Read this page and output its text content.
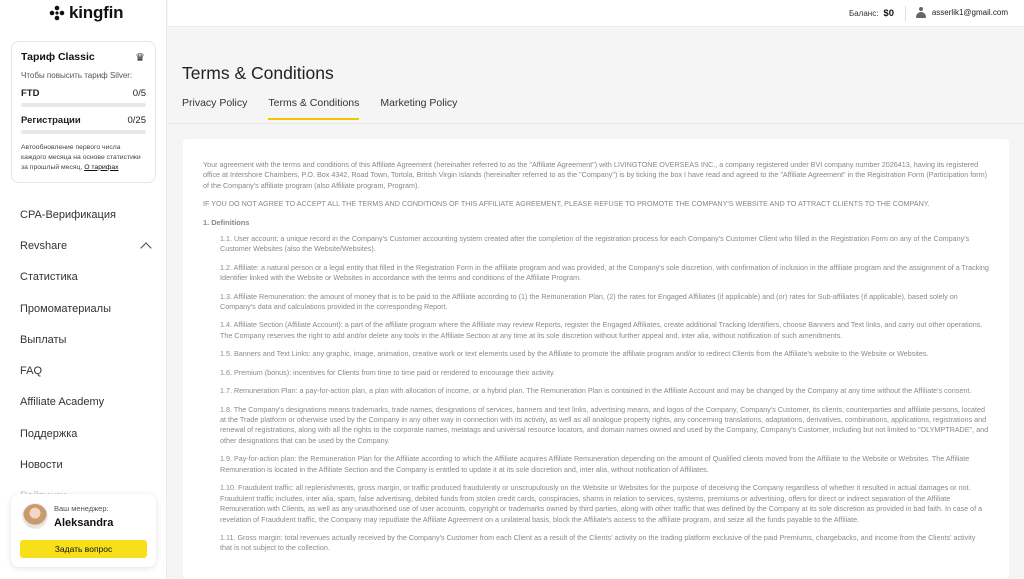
kingfin
Тариф Classic	♛
Чтобы повысить тариф Silver:
FTD	0/5
Регистрации	0/25
Автообновление первого числа каждого месяца на основе статистики за прошлый месяц. О тарифах
CPA-Верификация
Revshare
Статистика
Промоматериалы
Выплаты
FAQ
Affiliate Academy
Поддержка
Новости
Ваш менеджер:
Aleksandra
Задать вопрос
Баланс: $0	asserlik1@gmail.com
Terms & Conditions
Privacy Policy Terms & Conditions Marketing Policy

Your agreement with the terms and conditions of this Affiliate Agreement (hereinafter referred to as the "Affiliate Agreement") with LIVINGTONE OVERSEAS INC., a company registered under BVI company number 2026413, having its registered office at Intershore Chambers, P.O. Box 4342, Road Town, Tortola, British Virgin Islands (hereinafter referred to as the "Company") is by ticking the box I have read and agreed to the "Affiliate Agreement" in the Registration Form (Participation form) of the Company's affiliate program (also Affiliate program, Program).

IF YOU DO NOT AGREE TO ACCEPT ALL THE TERMS AND CONDITIONS OF THIS AFFILIATE AGREEMENT, PLEASE REFUSE TO PROMOTE THE COMPANY'S WEBSITE AND TO ATTRACT CLIENTS TO THE COMPANY.

1. Definitions

1.1. User account: a unique record in the Company's Customer accounting system created after the completion of the registration process for each Company's Customer Client who filled in the Registration Form on any of the Company's Customer Websites (also the Website/Websites).

1.2. Affiliate: a natural person or a legal entity that filled in the Registration Form in the affiliate program and was provided, at the Company's sole discretion, with confirmation of inclusion in the affiliate program and the assignment of a Tracking Identifier linked with the Website or Websites in accordance with the terms and conditions of the Affiliate Program.

1.3. Affiliate Remuneration: the amount of money that is to be paid to the Affiliate according to (1) the Remuneration Plan, (2) the rates for Engaged Affiliates (if applicable) and (or) rates for Sub-affiliates (if applicable), based solely on Company's data and calculations provided in the corresponding Report.

1.4. Affiliate Section (Affiliate Account): a part of the affiliate program where the Affiliate may review Reports, register the Engaged Affiliates, create additional Tracking Identifiers, choose Banners and Text links, and carry out other operations. The Company reserves the right to add and/or delete any tools in the Affiliate Section at any time at its sole discretion without further appeal and, inter alia, without notification of such amendments.

1.5. Banners and Text Links: any graphic, image, animation, creative work or text elements used by the Affiliate to promote the affiliate program and/or to redirect Clients from the Affiliate's website to the Website or Websites.

1.6. Premium (bonus): incentives for Clients from time to time paid or rendered to encourage their activity.

1.7. Remuneration Plan: a pay-for-action plan, a plan with allocation of income, or a hybrid plan. The Remuneration Plan is contained in the Affiliate Account and may be changed by the Company at any time without the Affiliate's consent.

1.8. The Company's designations means trademarks, trade names, designations of services, banners and text links, advertising means, and logos of the Company, Company's Customer, its clients, counterparties and affiliate persons, located at the Trade platform or otherwise used by the Company in any other way in connection with its activity, as well as all analogue property rights, any concerning translations, adaptations, derivatives, combinations, applications, registrations and renewal of registrations, along with all the rights to the corporate names, metatags and universal resource locators, and domain names owned and used by the Company, Company's Customer, including but not limited to "OLYMPTRADE", and other designations that can be used by the Company.

1.9. Pay-for-action plan: the Remuneration Plan for the Affiliate according to which the Affiliate acquires Affiliate Remuneration depending on the amount of Qualified clients moved from the Affiliate to the Website or Websites. The Affiliate Remuneration is located in the Affiliate Section and the Company is entitled to update it at its sole discretion and, inter alia, without notification of Affiliates.

1.10. Fraudulent traffic: all replenishments, gross margin, or traffic produced fraudulently or unscrupulously on the Website or Websites for the purpose of deceiving the Company regardless of whether it resulted in actual damages or not. Fraudulent traffic includes, inter alia, spam, false advertising, debited funds from stolen credit cards, conspiracies, shams in relation to services, systems, premiums or advertising, offers for direct or indirect separation of the Affiliate Remuneration with Clients, as well as any unauthorised use of user accounts, copyright or trademarks owned by third parties, along with other traffic that was defined by the Company at its sole discretion as provided in bad faith. In case of a revelation of Fraudulent traffic, the Company may repudiate the Affiliate Agreement on a unilateral basis, block the Affiliate's access to the affiliate program, and seize all the funds payable to the Affiliate.

1.11. Gross margin: total revenues actually received by the Company's Customer from each Client as a result of the Clients' activity on the trading platform exclusive of the paid Premiums, chargebacks, and income from the Clients' activity that is not subject to the collection.
